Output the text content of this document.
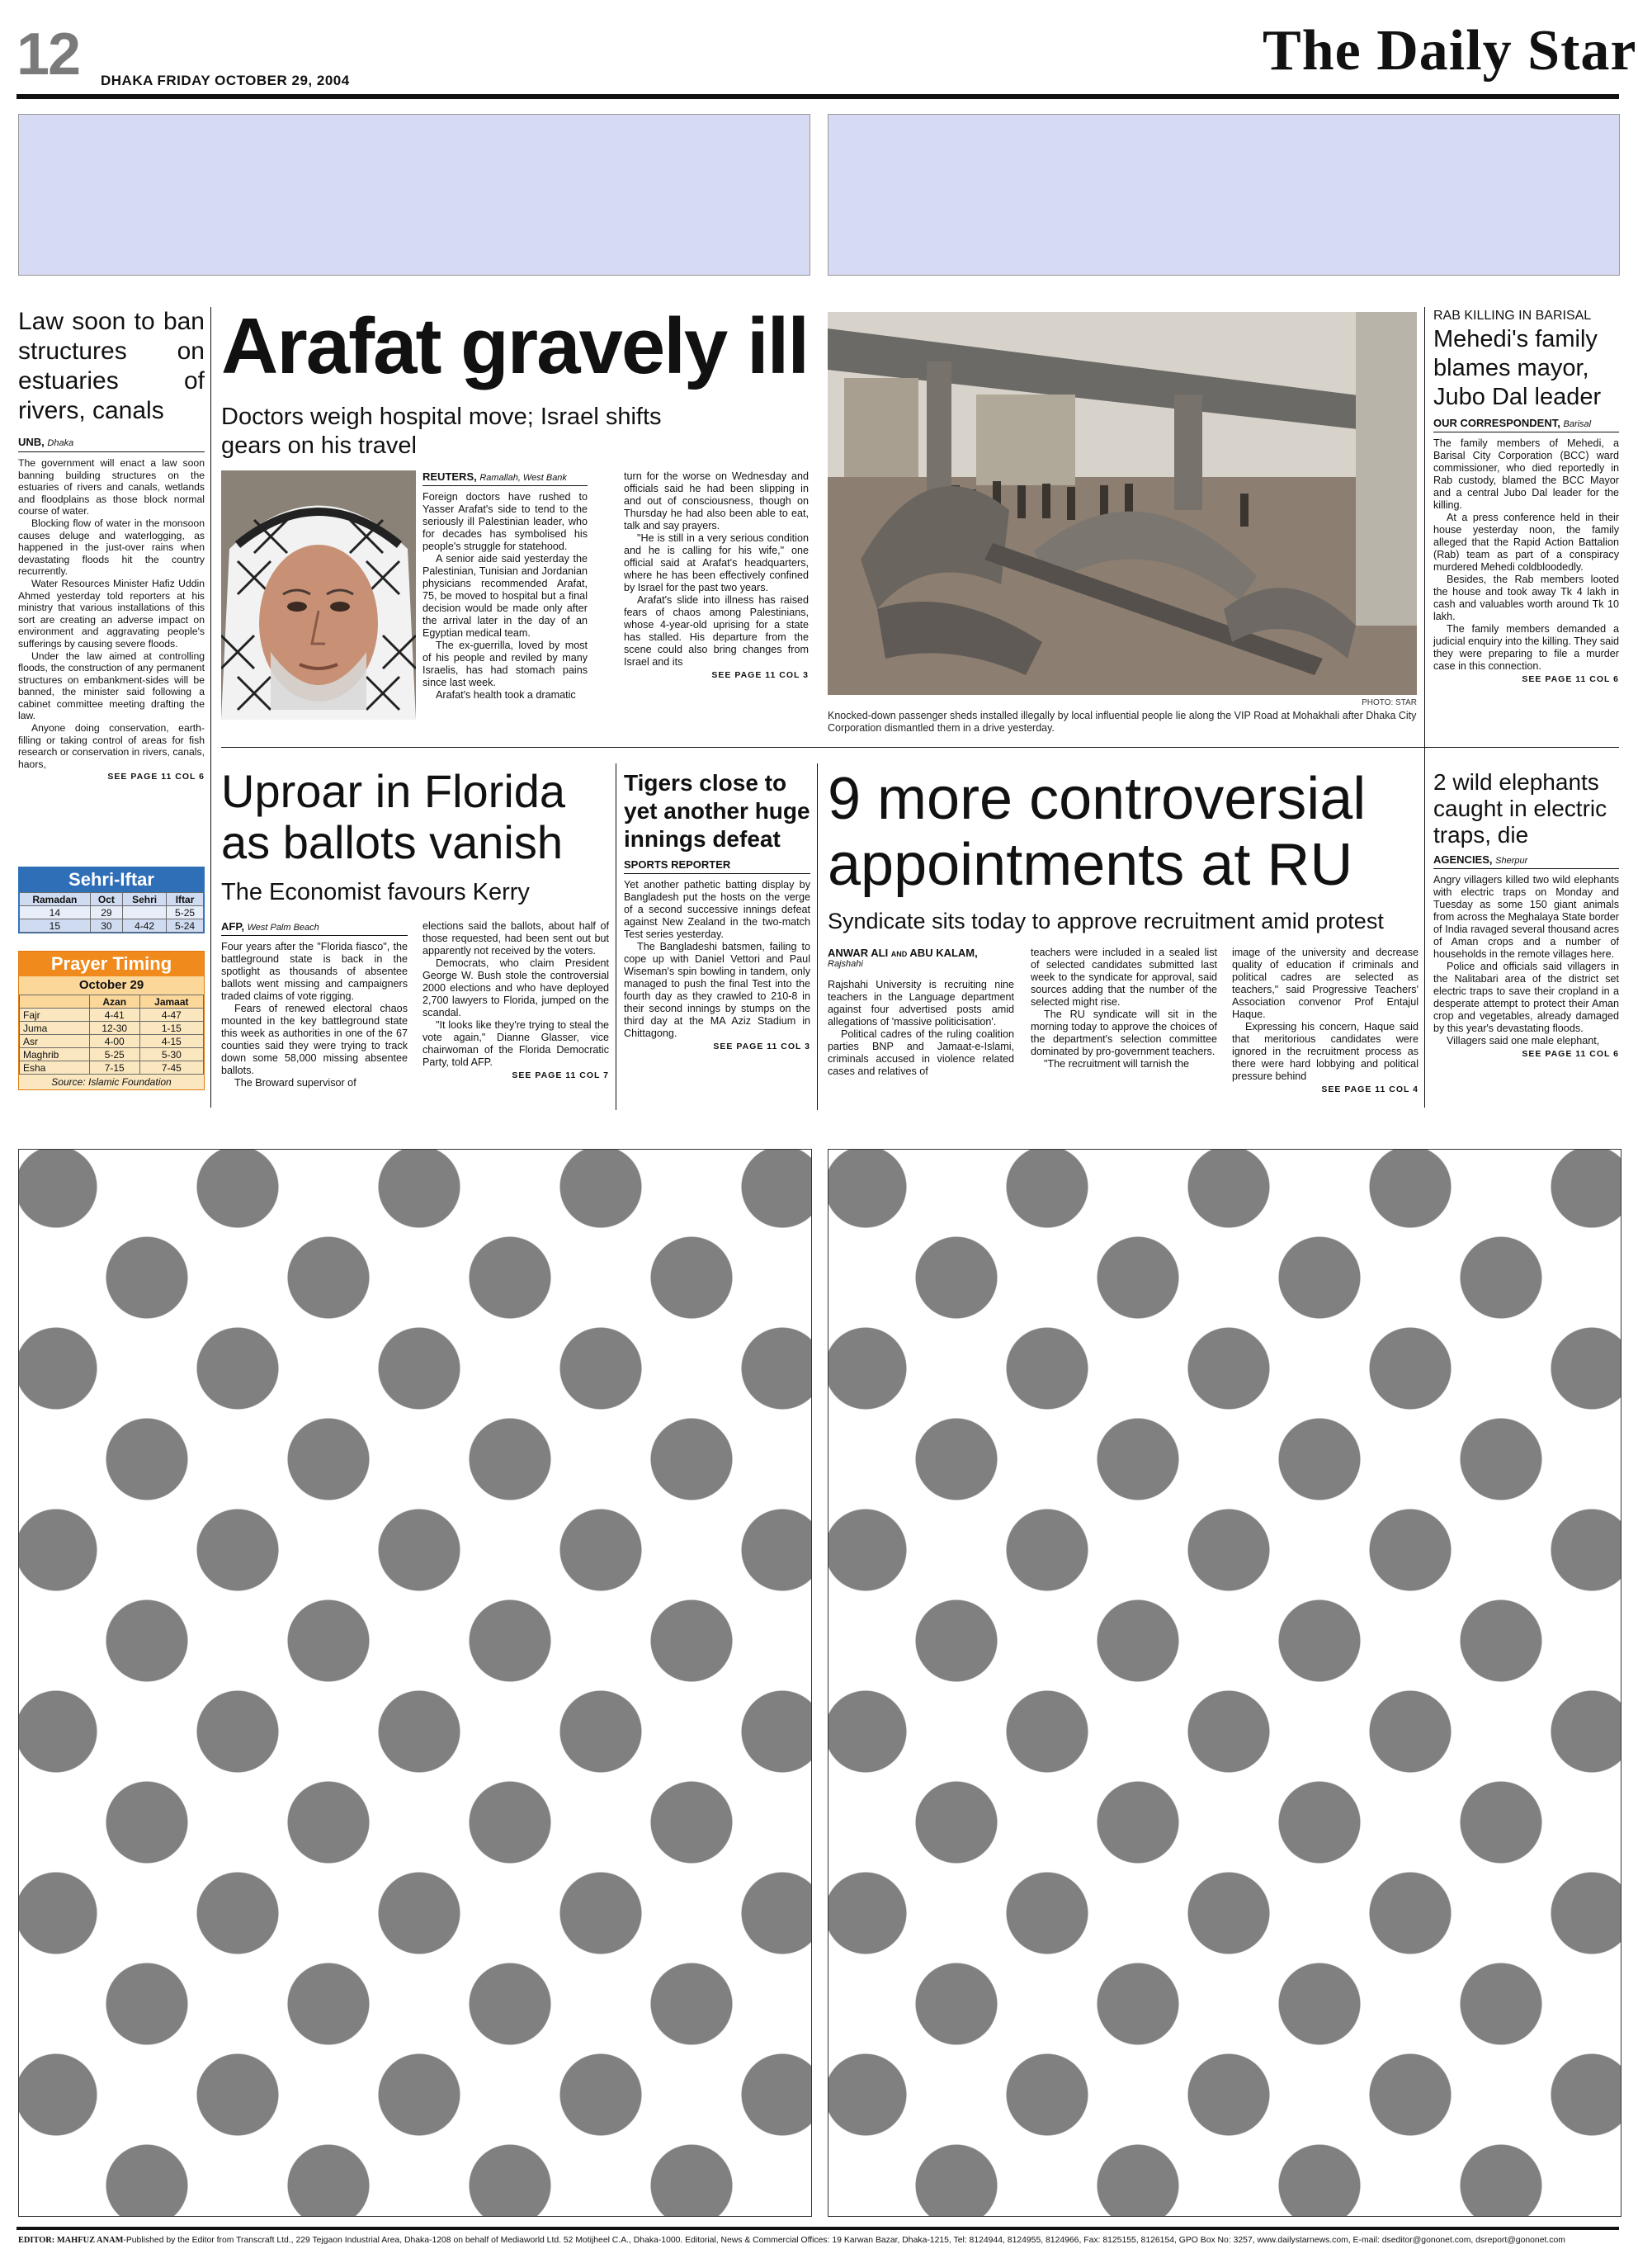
12 DHAKA FRIDAY OCTOBER 29, 2004	The Daily Star
Law soon to ban structures on estuaries of rivers, canals
UNB, Dhaka

The government will enact a law soon banning building structures on the estuaries of rivers and canals, wetlands and floodplains as those block normal course of water.

Blocking flow of water in the monsoon causes deluge and waterlogging, as happened in the just-over rains when devastating floods hit the country recurrently.

Water Resources Minister Hafiz Uddin Ahmed yesterday told reporters at his ministry that various installations of this sort are creating an adverse impact on environment and aggravating people's sufferings by causing severe floods.

Under the law aimed at controlling floods, the construction of any permanent structures on embankment-sides will be banned, the minister said following a cabinet committee meeting drafting the law.

Anyone doing conservation, earth-filling or taking control of areas for fish research or conservation in rivers, canals, haors,

SEE PAGE 11 COL 6
Sehri-Iftar
Ramadan	Oct	Sehri	Iftar
14	29		5-25
15	30	4-42	5-24
Prayer Timing
October 29
	Azan	Jamaat
Fajr	4-41	4-47
Juma	12-30	1-15
Asr	4-00	4-15
Maghrib	5-25	5-30
Esha	7-15	7-45
Source: Islamic Foundation
Arafat gravely ill
Doctors weigh hospital move; Israel shifts gears on his travel
REUTERS, Ramallah, West Bank

Foreign doctors have rushed to Yasser Arafat's side to tend to the seriously ill Palestinian leader, who for decades has symbolised his people's struggle for statehood.

A senior aide said yesterday the Palestinian, Tunisian and Jordanian physicians recommended Arafat, 75, be moved to hospital but a final decision would be made only after the arrival later in the day of an Egyptian medical team.

The ex-guerrilla, loved by most of his people and reviled by many Israelis, has had stomach pains since last week.

Arafat's health took a dramatic

turn for the worse on Wednesday and officials said he had been slipping in and out of consciousness, though on Thursday he had also been able to eat, talk and say prayers.

"He is still in a very serious condition and he is calling for his wife," one official said at Arafat's headquarters, where he has been effectively confined by Israel for the past two years.

Arafat's slide into illness has raised fears of chaos among Palestinians, whose 4-year-old uprising for a state has stalled. His departure from the scene could also bring changes from Israel and its

SEE PAGE 11 COL 3
PHOTO: STAR
Knocked-down passenger sheds installed illegally by local influential people lie along the VIP Road at Mohakhali after Dhaka City Corporation dismantled them in a drive yesterday.
RAB KILLING IN BARISAL
Mehedi's family blames mayor, Jubo Dal leader
OUR CORRESPONDENT, Barisal

The family members of Mehedi, a Barisal City Corporation (BCC) ward commissioner, who died reportedly in Rab custody, blamed the BCC Mayor and a central Jubo Dal leader for the killing.

At a press conference held in their house yesterday noon, the family alleged that the Rapid Action Battalion (Rab) team as part of a conspiracy murdered Mehedi coldbloodedly.

Besides, the Rab members looted the house and took away Tk 4 lakh in cash and valuables worth around Tk 10 lakh.

The family members demanded a judicial enquiry into the killing. They said they were preparing to file a murder case in this connection.

SEE PAGE 11 COL 6
Uproar in Florida as ballots vanish
The Economist favours Kerry
AFP, West Palm Beach

Four years after the "Florida fiasco", the battleground state is back in the spotlight as thousands of absentee ballots went missing and campaigners traded claims of vote rigging.

Fears of renewed electoral chaos mounted in the key battleground state this week as authorities in one of the 67 counties said they were trying to track down some 58,000 missing absentee ballots.

The Broward supervisor of

elections said the ballots, about half of those requested, had been sent out but apparently not received by the voters.

Democrats, who claim President George W. Bush stole the controversial 2000 elections and who have deployed 2,700 lawyers to Florida, jumped on the scandal.

"It looks like they're trying to steal the vote again," Dianne Glasser, vice chairwoman of the Florida Democratic Party, told AFP.

SEE PAGE 11 COL 7
Tigers close to yet another huge innings defeat
SPORTS REPORTER

Yet another pathetic batting display by Bangladesh put the hosts on the verge of a second successive innings defeat against New Zealand in the two-match Test series yesterday.

The Bangladeshi batsmen, failing to cope up with Daniel Vettori and Paul Wiseman's spin bowling in tandem, only managed to push the final Test into the fourth day as they crawled to 210-8 in their second innings by stumps on the third day at the MA Aziz Stadium in Chittagong.

SEE PAGE 11 COL 3
9 more controversial appointments at RU
Syndicate sits today to approve recruitment amid protest
ANWAR ALI and ABU KALAM,
Rajshahi

Rajshahi University is recruiting nine teachers in the Language department against four advertised posts amid allegations of 'massive politicisation'.

Political cadres of the ruling coalition parties BNP and Jamaat-e-Islami, criminals accused in violence related cases and relatives of

teachers were included in a sealed list of selected candidates submitted last week to the syndicate for approval, said sources adding that the number of the selected might rise.

The RU syndicate will sit in the morning today to approve the choices of the department's selection committee dominated by pro-government teachers.

"The recruitment will tarnish the

image of the university and decrease quality of education if criminals and political cadres are selected as teachers," said Progressive Teachers' Association convenor Prof Entajul Haque.

Expressing his concern, Haque said that meritorious candidates were ignored in the recruitment process as there were hard lobbying and political pressure behind

SEE PAGE 11 COL 4
2 wild elephants caught in electric traps, die
AGENCIES, Sherpur

Angry villagers killed two wild elephants with electric traps on Monday and Tuesday as some 150 giant animals from across the Meghalaya State border of India ravaged several thousand acres of Aman crops and a number of households in the remote villages here.

Police and officials said villagers in the Nalitabari area of the district set electric traps to save their cropland in a desperate attempt to protect their Aman crop and vegetables, already damaged by this year's devastating floods.

Villagers said one male elephant,

SEE PAGE 11 COL 6
EDITOR: MAHFUZ ANAM-Published by the Editor from Transcraft Ltd., 229 Tejgaon Industrial Area, Dhaka-1208 on behalf of Mediaworld Ltd. 52 Motijheel C.A., Dhaka-1000. Editorial, News & Commercial Offices: 19 Karwan Bazar, Dhaka-1215, Tel: 8124944, 8124955, 8124966, Fax: 8125155, 8126154, GPO Box No: 3257, www.dailystarnews.com, E-mail: dseditor@gononet.com, dsreport@gononet.com
